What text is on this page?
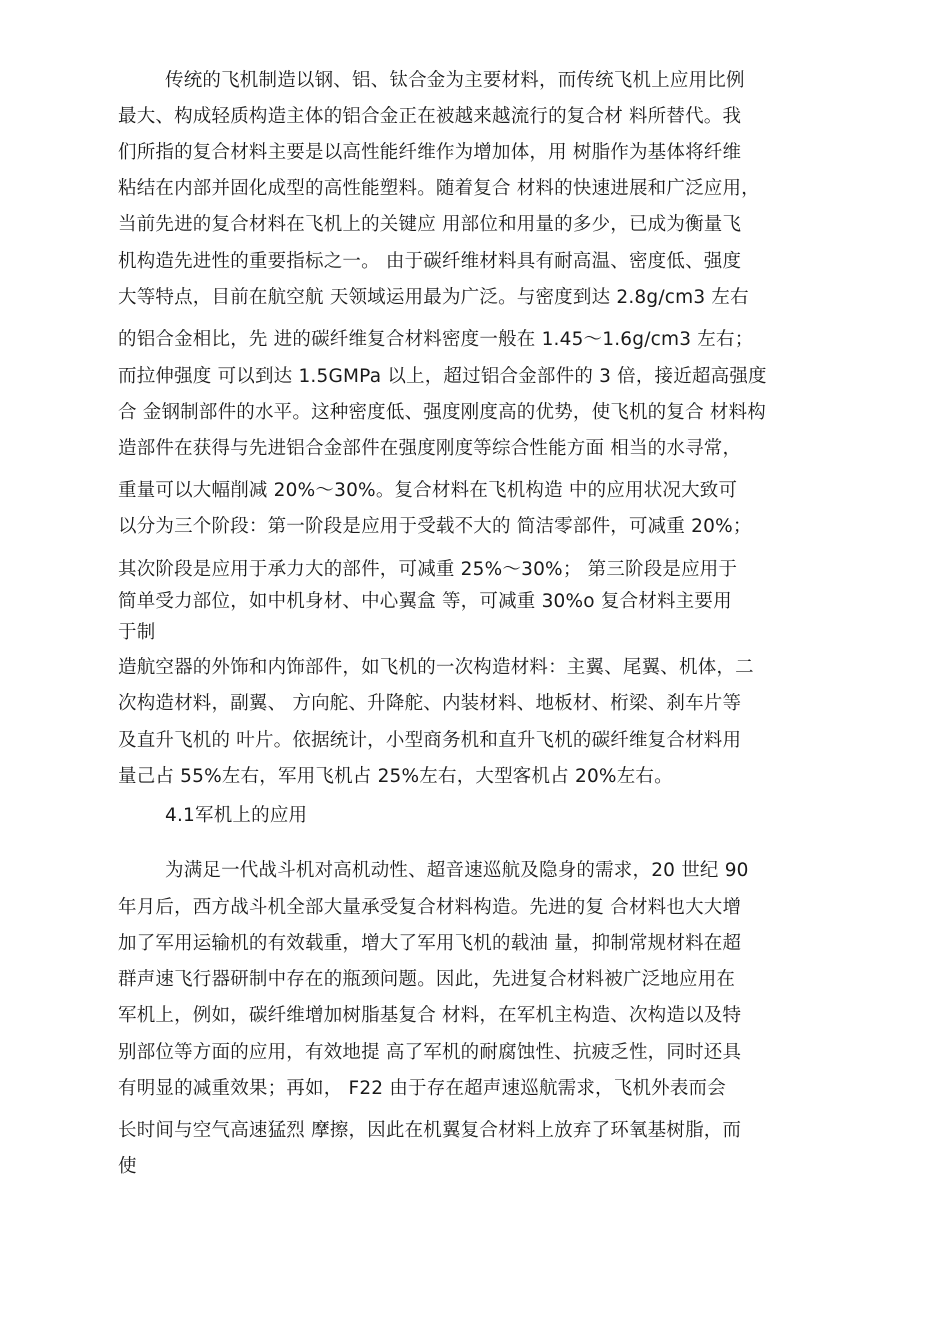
传统的飞机制造以钢、铝、钛合金为主要材料，而传统飞机上应用比例
最大、构成轻质构造主体的铝合金正在被越来越流行的复合材 料所替代。我
们所指的复合材料主要是以高性能纤维作为增加体，用 树脂作为基体将纤维
粘结在内部并固化成型的高性能塑料。随着复合 材料的快速进展和广泛应用，
当前先进的复合材料在飞机上的关键应 用部位和用量的多少，已成为衡量飞
机构造先进性的重要指标之一。 由于碳纤维材料具有耐高温、密度低、强度
大等特点，目前在航空航 天领域运用最为广泛。与密度到达 2.8g/cm3 左右
的铝合金相比，先 进的碳纤维复合材料密度一般在 1.45〜1.6g/cm3 左右；
而拉伸强度 可以到达 1.5GMPa 以上，超过铝合金部件的 3 倍，接近超高强度
合 金钢制部件的水平。这种密度低、强度刚度高的优势，使飞机的复合 材料构
造部件在获得与先进铝合金部件在强度刚度等综合性能方面 相当的水寻常，
重量可以大幅削减 20%〜30%。复合材料在飞机构造 中的应用状况大致可
以分为三个阶段：第一阶段是应用于受载不大的 简洁零部件，可减重 20%；
其次阶段是应用于承力大的部件，可减重 25%〜30%； 第三阶段是应用于
简单受力部位，如中机身材、中心翼盒 等，可减重 30%o 复合材料主要用
于制
造航空器的外饰和内饰部件，如飞机的一次构造材料：主翼、尾翼、机体，二
次构造材料，副翼、 方向舵、升降舵、内装材料、地板材、桁梁、刹车片等
及直升飞机的 叶片。依据统计，小型商务机和直升飞机的碳纤维复合材料用
量己占 55%左右，军用飞机占 25%左右，大型客机占 20%左右。
4.1军机上的应用
为满足一代战斗机对高机动性、超音速巡航及隐身的需求，20 世纪 90
年月后，西方战斗机全部大量承受复合材料构造。先进的复 合材料也大大增
加了军用运输机的有效载重，增大了军用飞机的载油 量，抑制常规材料在超
群声速飞行器研制中存在的瓶颈问题。因此，先进复合材料被广泛地应用在
军机上，例如，碳纤维增加树脂基复合 材料，在军机主构造、次构造以及特
别部位等方面的应用，有效地提 高了军机的耐腐蚀性、抗疲乏性，同时还具
有明显的减重效果；再如， F22 由于存在超声速巡航需求，飞机外表而会
长时间与空气高速猛烈 摩擦，因此在机翼复合材料上放弃了环氧基树脂，而
使
